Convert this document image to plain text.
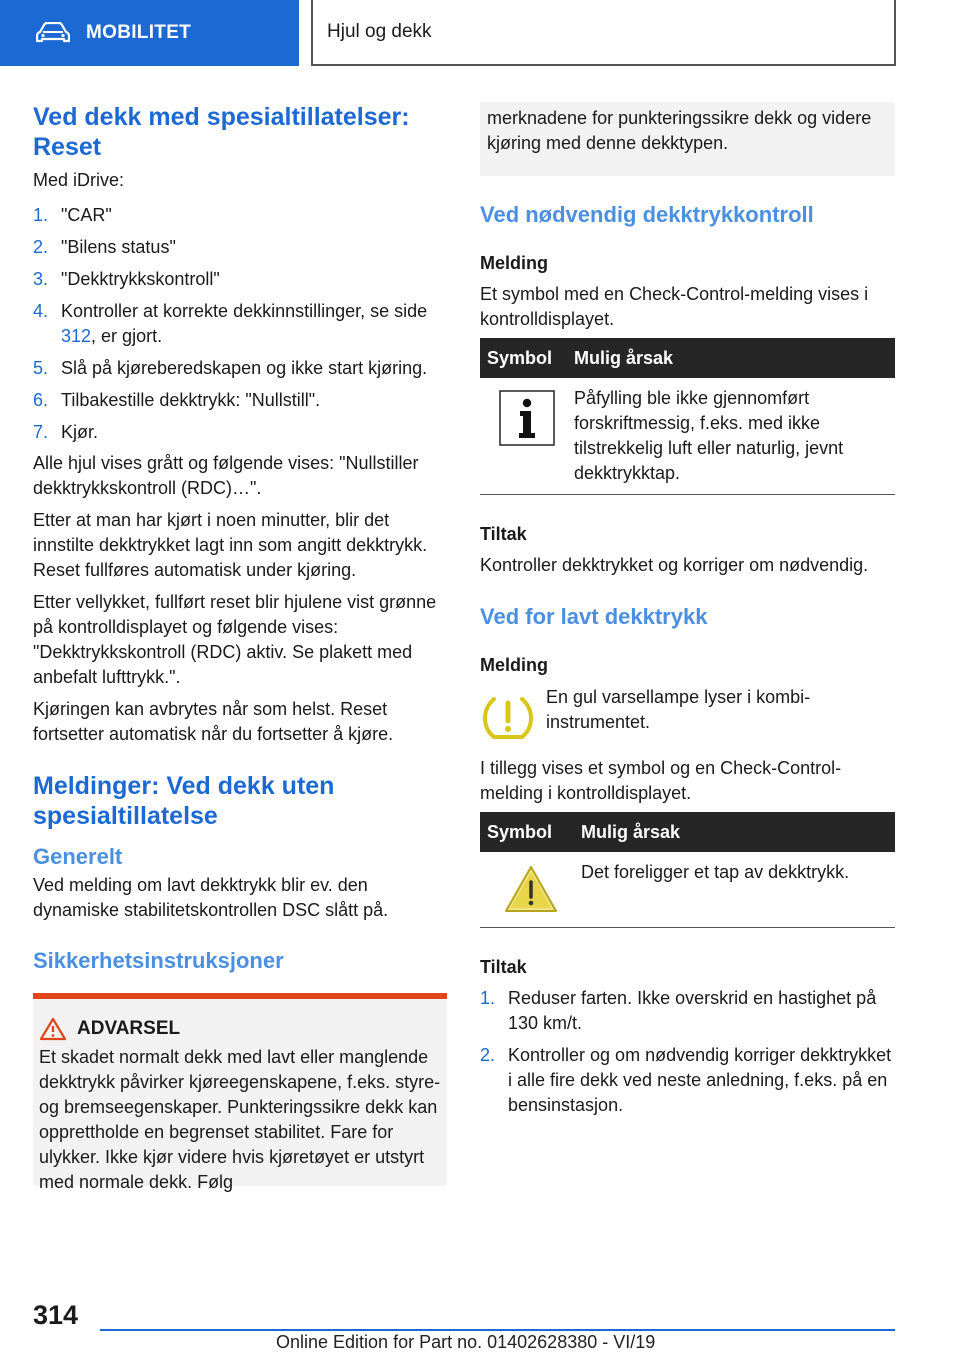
MOBILITET	Hjul og dekk
Ved dekk med spesialtillatelser: Reset

Med iDrive:

1. "CAR"
2. "Bilens status"
3. "Dekktrykkskontroll"
4. Kontroller at korrekte dekkinnstillinger, se side 312, er gjort.
5. Slå på kjøreberedskapen og ikke start kjøring.
6. Tilbakestille dekktrykk: "Nullstill".
7. Kjør.

Alle hjul vises grått og følgende vises: "Nullstiller dekktrykkskontroll (RDC)…".

Etter at man har kjørt i noen minutter, blir det innstilte dekktrykket lagt inn som angitt dekktrykk. Reset fullføres automatisk under kjøring.

Etter vellykket, fullført reset blir hjulene vist grønne på kontrolldisplayet og følgende vises: "Dekktrykkskontroll (RDC) aktiv. Se plakett med anbefalt lufttrykk.".

Kjøringen kan avbrytes når som helst. Reset fortsetter automatisk når du fortsetter å kjøre.

Meldinger: Ved dekk uten spesialtillatelse
Generelt

Ved melding om lavt dekktrykk blir ev. den dynamiske stabilitetskontrollen DSC slått på.

Sikkerhetsinstruksjoner
ADVARSEL

Et skadet normalt dekk med lavt eller manglende dekktrykk påvirker kjøreegenskapene, f.eks. styre- og bremseegenskaper. Punkteringssikre dekk kan opprettholde en begrenset stabilitet. Fare for ulykker. Ikke kjør videre hvis kjøretøyet er utstyrt med normale dekk. Følg

merknadene for punkteringssikre dekk og videre kjøring med denne dekktypen.

Ved nødvendig dekktrykkontroll
Melding

Et symbol med en Check-Control-melding vises i kontrolldisplayet.

Symbol	Mulig årsak

Påfylling ble ikke gjennomført forskriftmessig, f.eks. med ikke tilstrekkelig luft eller naturlig, jevnt dekktrykktap.

Tiltak

Kontroller dekktrykket og korriger om nødvendig.

Ved for lavt dekktrykk
Melding

En gul varsellampe lyser i kombi-instrumentet.

I tillegg vises et symbol og en Check-Control-melding i kontrolldisplayet.

Symbol	Mulig årsak

Det foreligger et tap av dekktrykk.

Tiltak
1. Reduser farten. Ikke overskrid en hastighet på 130 km/t.
2. Kontroller og om nødvendig korriger dekktrykket i alle fire dekk ved neste anledning, f.eks. på en bensinstasjon.
314
Online Edition for Part no. 01402628380 - VI/19
